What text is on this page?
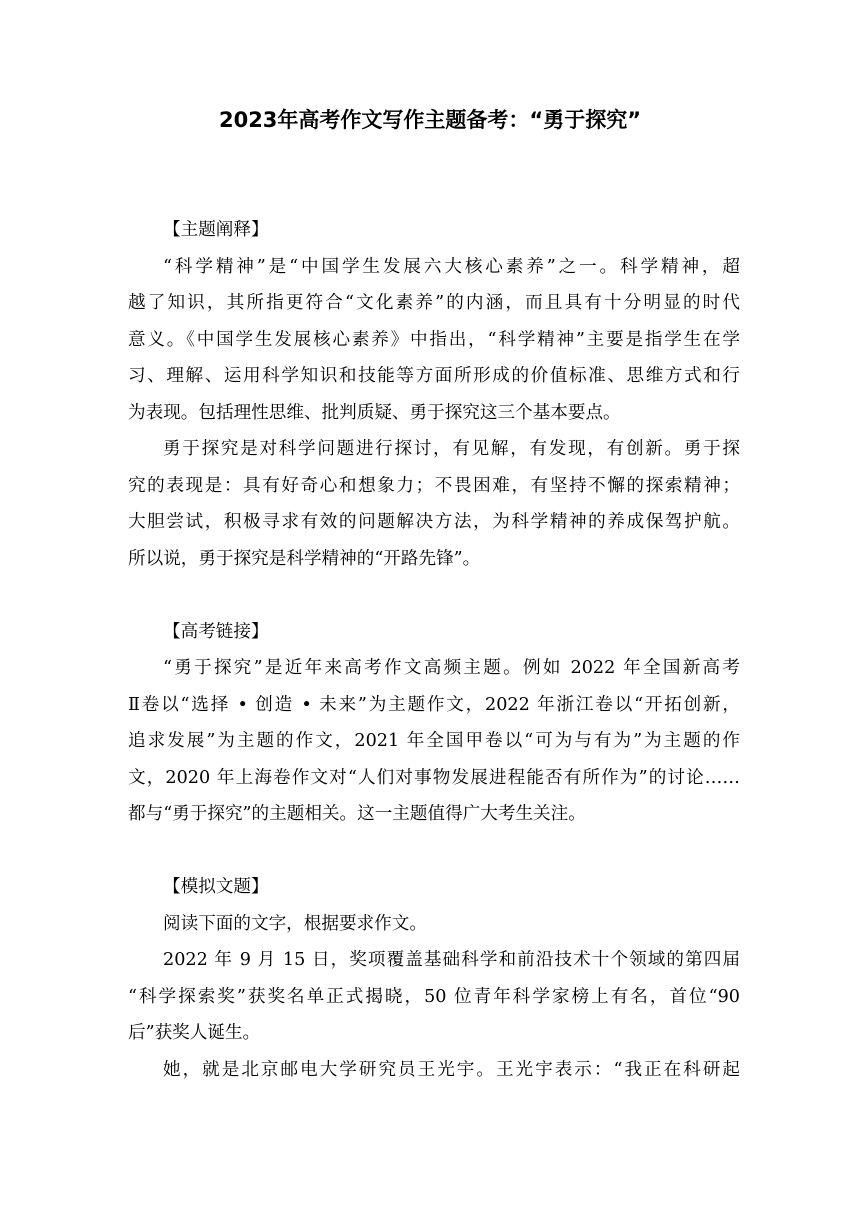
2023年高考作文写作主题备考：“勇于探究”
【主题阐释】
“科学精神”是“中国学生发展六大核心素养”之一。科学精神，超
越了知识，其所指更符合“文化素养”的内涵，而且具有十分明显的时代
意义。《中国学生发展核心素养》中指出，“科学精神”主要是指学生在学
习、理解、运用科学知识和技能等方面所形成的价值标准、思维方式和行
为表现。包括理性思维、批判质疑、勇于探究这三个基本要点。
勇于探究是对科学问题进行探讨，有见解，有发现，有创新。勇于探
究的表现是：具有好奇心和想象力；不畏困难，有坚持不懈的探索精神；
大胆尝试，积极寻求有效的问题解决方法，为科学精神的养成保驾护航。
所以说，勇于探究是科学精神的“开路先锋”。
【高考链接】
“勇于探究”是近年来高考作文高频主题。例如 2022 年全国新高考
Ⅱ卷以“选择 • 创造 • 未来”为主题作文，2022 年浙江卷以“开拓创新，
追求发展”为主题的作文，2021 年全国甲卷以“可为与有为”为主题的作
文，2020 年上海卷作文对“人们对事物发展进程能否有所作为”的讨论……
都与“勇于探究”的主题相关。这一主题值得广大考生关注。
【模拟文题】
阅读下面的文字，根据要求作文。
2022 年 9 月 15 日，奖项覆盖基础科学和前沿技术十个领域的第四届
“科学探索奖”获奖名单正式揭晓，50 位青年科学家榜上有名，首位“90
后”获奖人诞生。
她，就是北京邮电大学研究员王光宇。王光宇表示：“我正在科研起
